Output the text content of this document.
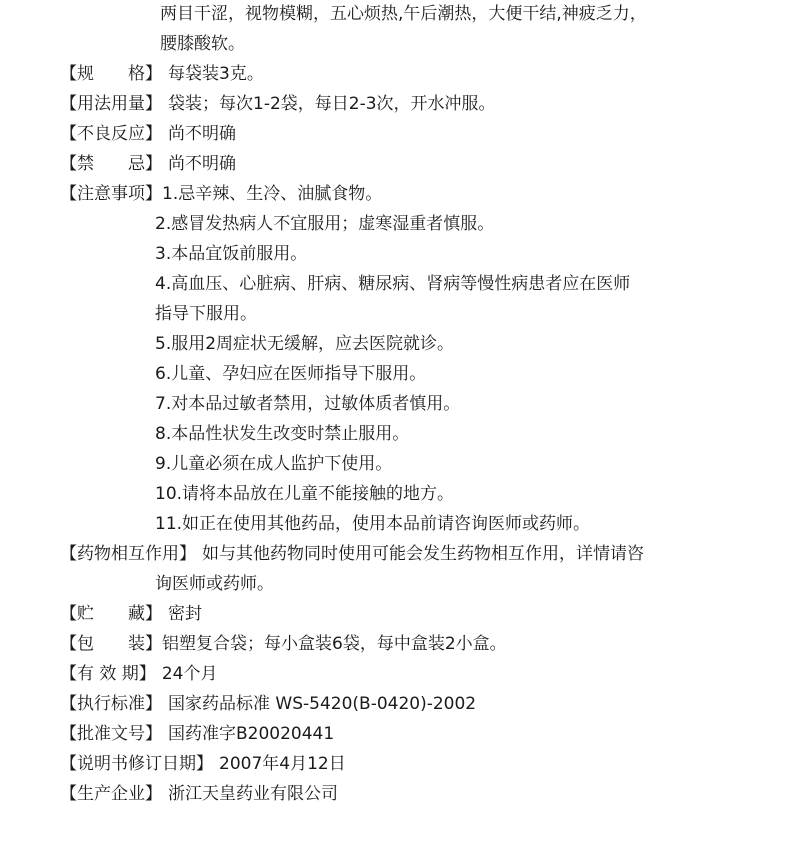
两目干涩，视物模糊，五心烦热,午后潮热，大便干结,神疲乏力，
腰膝酸软。
【规　　格】 每袋装3克。
【用法用量】 袋装；每次1-2袋，每日2-3次，开水冲服。
【不良反应】 尚不明确
【禁　　忌】 尚不明确
【注意事项】1.忌辛辣、生冷、油腻食物。
2.感冒发热病人不宜服用；虚寒湿重者慎服。
3.本品宜饭前服用。
4.高血压、心脏病、肝病、糖尿病、肾病等慢性病患者应在医师
指导下服用。
5.服用2周症状无缓解，应去医院就诊。
6.儿童、孕妇应在医师指导下服用。
7.对本品过敏者禁用，过敏体质者慎用。
8.本品性状发生改变时禁止服用。
9.儿童必须在成人监护下使用。
10.请将本品放在儿童不能接触的地方。
11.如正在使用其他药品，使用本品前请咨询医师或药师。
【药物相互作用】 如与其他药物同时使用可能会发生药物相互作用，详情请咨
询医师或药师。
【贮　　藏】 密封
【包　　装】铝塑复合袋；每小盒装6袋，每中盒装2小盒。
【有 效 期】 24个月
【执行标准】 国家药品标准 WS-5420(B-0420)-2002
【批准文号】 国药准字B20020441
【说明书修订日期】 2007年4月12日
【生产企业】 浙江天皇药业有限公司
